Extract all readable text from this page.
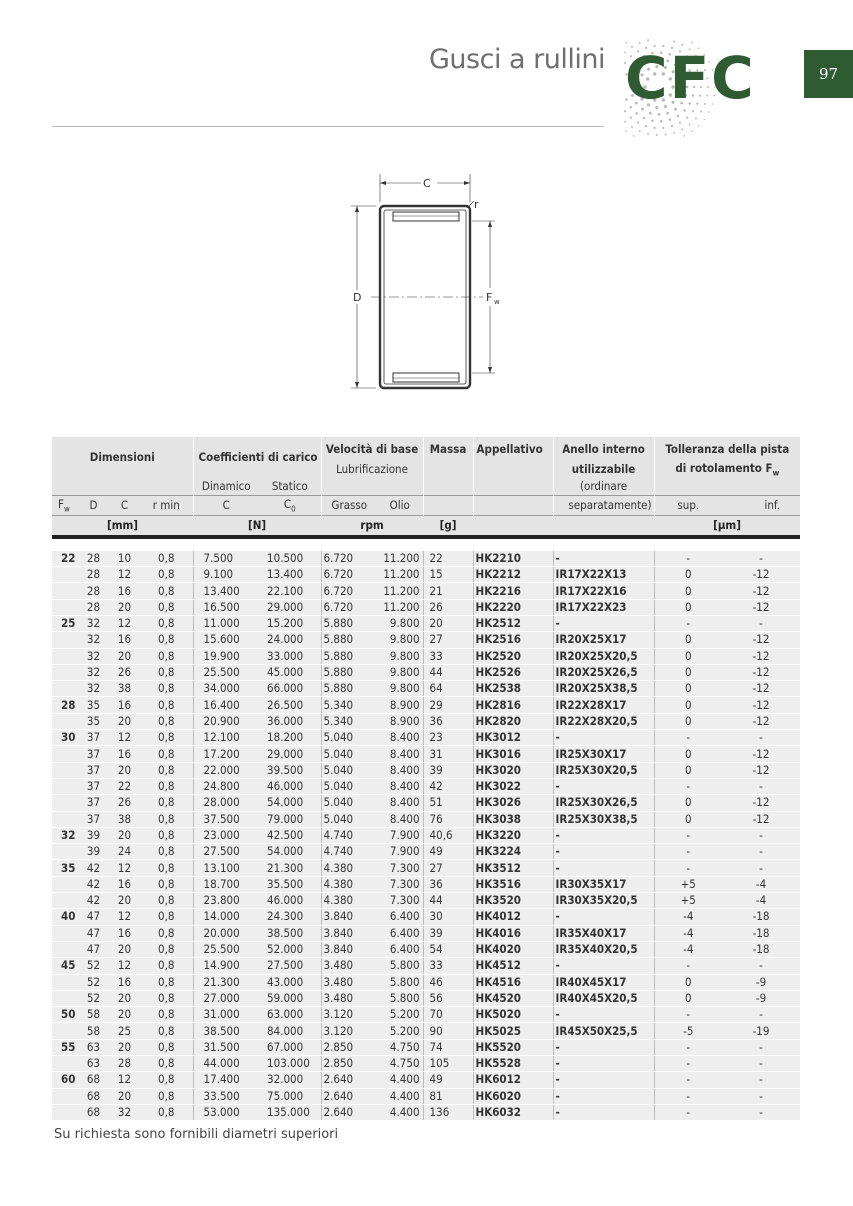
Gusci a rullini CFC	97
C
r
D	F w
Dimensioni				Coefficienti di carico		Velocità di base		Massa	Appellativo	Anello interno	Tolleranza della pista	
						Lubrificazione				utilizzabile	di rotolamento $F_w$
				Dinamico	Statico					(ordinare		
$F_w$	D	C	r min	C	$C_0$	Grasso	Olio			separatamente)	sup.	inf.
[mm]				[N]		rpm		[g]			[µm]	

22	28	10	0,8	7.500	10.500	6.720	11.200	22	HK2210	-	-	-
	28	12	0,8	9.100	13.400	6.720	11.200	15	HK2212	IR17X22X13	0	-12
	28	16	0,8	13.400	22.100	6.720	11.200	21	HK2216	IR17X22X16	0	-12
	28	20	0,8	16.500	29.000	6.720	11.200	26	HK2220	IR17X22X23	0	-12
25	32	12	0,8	11.000	15.200	5.880	9.800	20	HK2512	-	-	-
	32	16	0,8	15.600	24.000	5.880	9.800	27	HK2516	IR20X25X17	0	-12
	32	20	0,8	19.900	33.000	5.880	9.800	33	HK2520	IR20X25X20,5	0	-12
	32	26	0,8	25.500	45.000	5.880	9.800	44	HK2526	IR20X25X26,5	0	-12
	32	38	0,8	34.000	66.000	5.880	9.800	64	HK2538	IR20X25X38,5	0	-12
28	35	16	0,8	16.400	26.500	5.340	8.900	29	HK2816	IR22X28X17	0	-12
	35	20	0,8	20.900	36.000	5.340	8.900	36	HK2820	IR22X28X20,5	0	-12
30	37	12	0,8	12.100	18.200	5.040	8.400	23	HK3012	-	-	-
	37	16	0,8	17.200	29.000	5.040	8.400	31	HK3016	IR25X30X17	0	-12
	37	20	0,8	22.000	39.500	5.040	8.400	39	HK3020	IR25X30X20,5	0	-12
	37	22	0,8	24.800	46.000	5.040	8.400	42	HK3022	-	-	-
	37	26	0,8	28.000	54.000	5.040	8.400	51	HK3026	IR25X30X26,5	0	-12
	37	38	0,8	37.500	79.000	5.040	8.400	76	HK3038	IR25X30X38,5	0	-12
32	39	20	0,8	23.000	42.500	4.740	7.900	40,6	HK3220	-	-	-
	39	24	0,8	27.500	54.000	4.740	7.900	49	HK3224	-	-	-
35	42	12	0,8	13.100	21.300	4.380	7.300	27	HK3512	-	-	-
	42	16	0,8	18.700	35.500	4.380	7.300	36	HK3516	IR30X35X17	+5	-4
	42	20	0,8	23.800	46.000	4.380	7.300	44	HK3520	IR30X35X20,5	+5	-4
40	47	12	0,8	14.000	24.300	3.840	6.400	30	HK4012	-	-4	-18
	47	16	0,8	20.000	38.500	3.840	6.400	39	HK4016	IR35X40X17	-4	-18
	47	20	0,8	25.500	52.000	3.840	6.400	54	HK4020	IR35X40X20,5	-4	-18
45	52	12	0,8	14.900	27.500	3.480	5.800	33	HK4512	-	-	-
	52	16	0,8	21.300	43.000	3.480	5.800	46	HK4516	IR40X45X17	0	-9
	52	20	0,8	27.000	59.000	3.480	5.800	56	HK4520	IR40X45X20,5	0	-9
50	58	20	0,8	31.000	63.000	3.120	5.200	70	HK5020	-	-	-
	58	25	0,8	38.500	84.000	3.120	5.200	90	HK5025	IR45X50X25,5	-5	-19
55	63	20	0,8	31.500	67.000	2.850	4.750	74	HK5520	-	-	-
	63	28	0,8	44.000	103.000	2.850	4.750	105	HK5528	-	-	-
60	68	12	0,8	17.400	32.000	2.640	4.400	49	HK6012	-	-	-
	68	20	0,8	33.500	75.000	2.640	4.400	81	HK6020	-	-	-
	68	32	0,8	53.000	135.000	2.640	4.400	136	HK6032	-	-	-
Su richiesta sono fornibili diametri superiori
